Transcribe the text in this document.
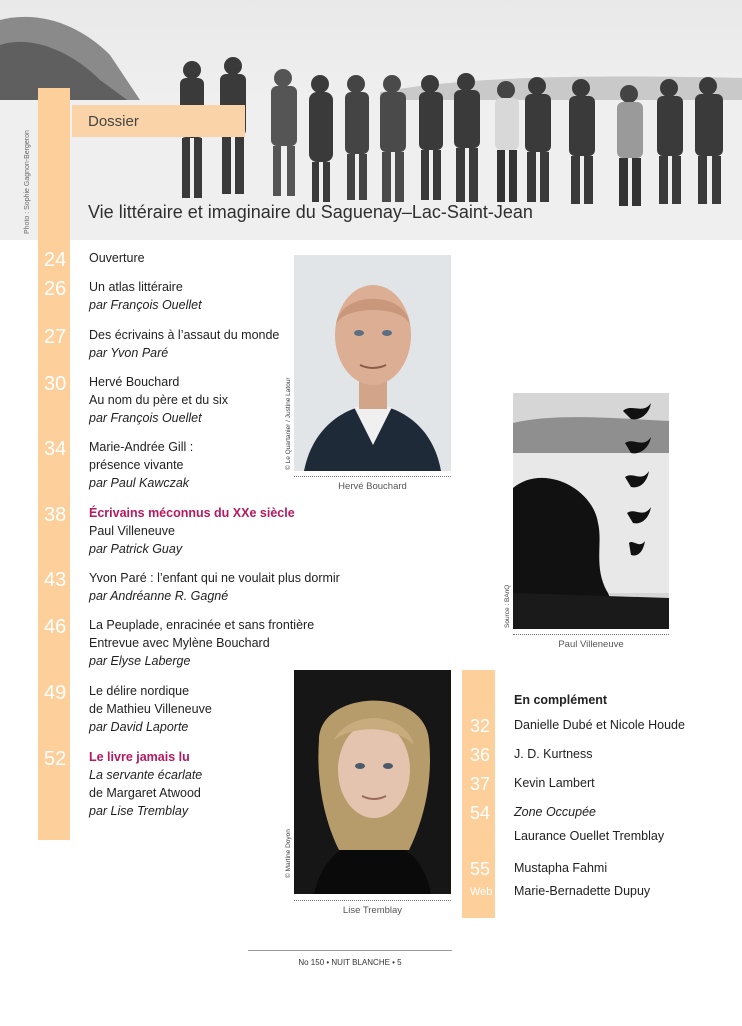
Photo : Sophie Gagnon-Bergeron
Dossier
Vie littéraire et imaginaire du Saguenay–Lac-Saint-Jean
24	Ouverture
26	Un atlas littéraire
par François Ouellet
27	Des écrivains à l’assaut du monde
par Yvon Paré
30	Hervé Bouchard
Au nom du père et du six
par François Ouellet
34	Marie-Andrée Gill :
présence vivante
par Paul Kawczak
38	Écrivains méconnus du XXe siècle
Paul Villeneuve
par Patrick Guay
43	Yvon Paré : l’enfant qui ne voulait plus dormir
par Andréanne R. Gagné
46	La Peuplade, enracinée et sans frontière
Entrevue avec Mylène Bouchard
par Elyse Laberge
49	Le délire nordique
de Mathieu Villeneuve
par David Laporte
52	Le livre jamais lu
La servante écarlate
de Margaret Atwood
par Lise Tremblay
© Le Quartanier / Justine Latour
Hervé Bouchard
Source : BAnQ
Paul Villeneuve
© Martine Doyon
Lise Tremblay
En complément
32	Danielle Dubé et Nicole Houde
36	J. D. Kurtness
37	Kevin Lambert
54	Zone Occupée
Laurance Ouellet Tremblay
55	Mustapha Fahmi
Web Marie-Bernadette Dupuy
No 150 • NUIT BLANCHE • 5
